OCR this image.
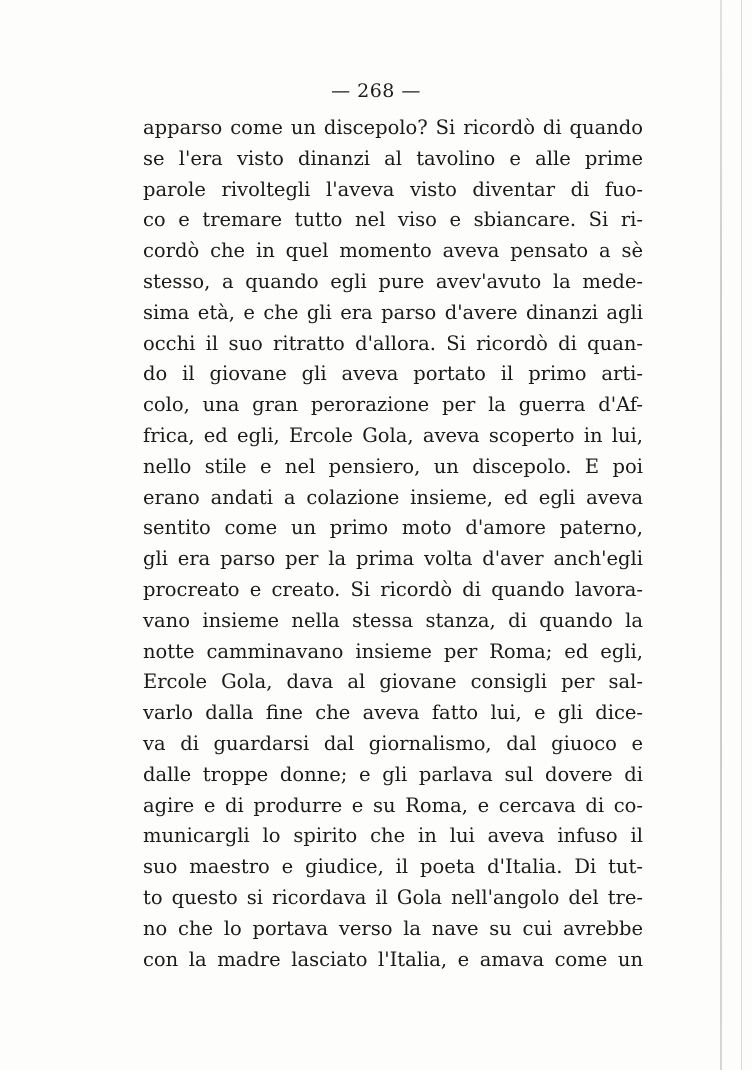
— 268 —
apparso come un discepolo? Si ricordò di quando
se l'era visto dinanzi al tavolino e alle prime
parole rivoltegli l'aveva visto diventar di fuo-
co e tremare tutto nel viso e sbiancare. Si ri-
cordò che in quel momento aveva pensato a sè
stesso, a quando egli pure avev'avuto la mede-
sima età, e che gli era parso d'avere dinanzi agli
occhi il suo ritratto d'allora. Si ricordò di quan-
do il giovane gli aveva portato il primo arti-
colo, una gran perorazione per la guerra d'Af-
frica, ed egli, Ercole Gola, aveva scoperto in lui,
nello stile e nel pensiero, un discepolo. E poi
erano andati a colazione insieme, ed egli aveva
sentito come un primo moto d'amore paterno,
gli era parso per la prima volta d'aver anch'egli
procreato e creato. Si ricordò di quando lavora-
vano insieme nella stessa stanza, di quando la
notte camminavano insieme per Roma; ed egli,
Ercole Gola, dava al giovane consigli per sal-
varlo dalla fine che aveva fatto lui, e gli dice-
va di guardarsi dal giornalismo, dal giuoco e
dalle troppe donne; e gli parlava sul dovere di
agire e di produrre e su Roma, e cercava di co-
municargli lo spirito che in lui aveva infuso il
suo maestro e giudice, il poeta d'Italia. Di tut-
to questo si ricordava il Gola nell'angolo del tre-
no che lo portava verso la nave su cui avrebbe
con la madre lasciato l'Italia, e amava come un
